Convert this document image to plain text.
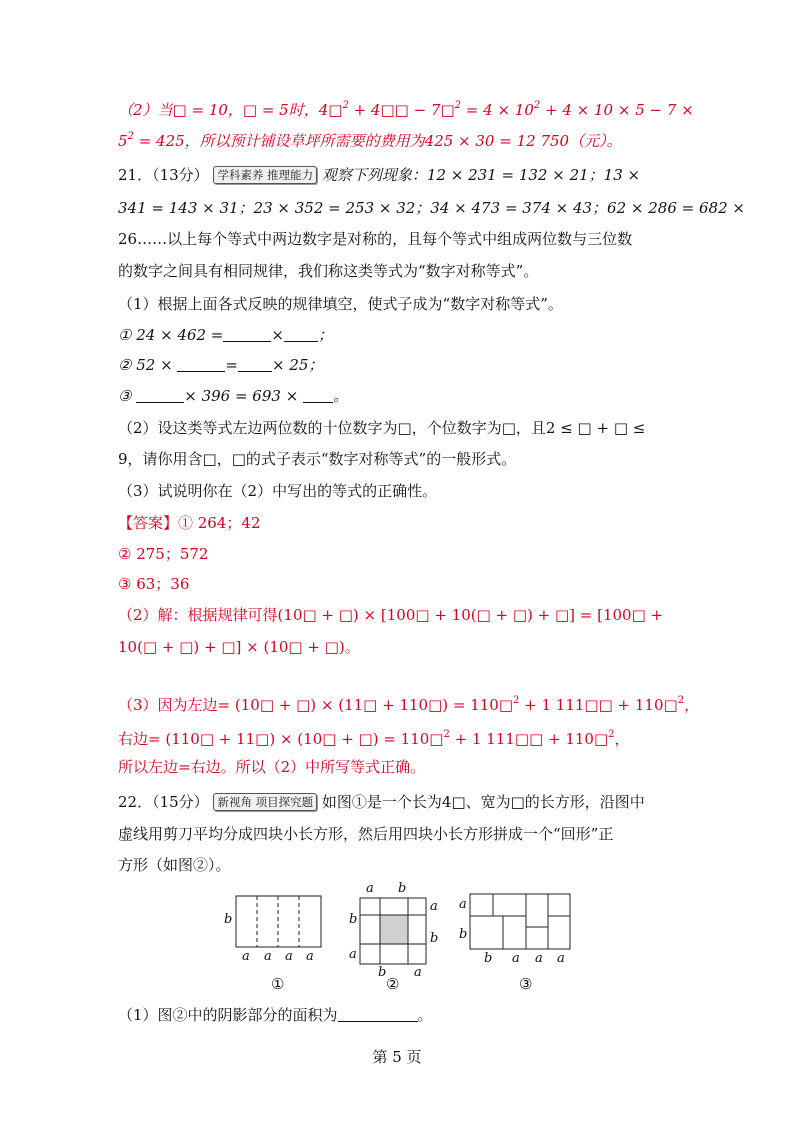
（2）当□ = 10，□ = 5时，4□$^2$ + 4□□ − 7□$^2$ = $4 \times 10^2 + 4 \times 10 \times 5 - 7$ ×
$5^2 = 425$，所以预计铺设草坪所需要的费用为425 × 30 = 12 750（元）。
21．（13分） 学科素养 推理能力 观察下列现象：12 × 231 = 132 × 21；13 ×
341 = 143 × 31；23 × 352 = 253 × 32；34 × 473 = 374 × 43；62 × 286 = 682 ×
26……以上每个等式中两边数字是对称的，且每个等式中组成两位数与三位数
的数字之间具有相同规律，我们称这类等式为“数字对称等式”。
（1）根据上面各式反映的规律填空，使式子成为“数字对称等式”。
① 24 × 462 =	× ；
② 52 ×	= × 25；
③	× 396 = 693 × 。
（2）设这类等式左边两位数的十位数字为□，个位数字为□，且2 ≤ □ + □ ≤
9，请你用含□，□的式子表示“数字对称等式”的一般形式。
（3）试说明你在（2）中写出的等式的正确性。
【答案】① 264；42
② 275；572
③ 63；36
（2）解：根据规律可得(10□ + □) × [100□ + 10(□ + □) + □] = [100□ +
10(□ + □) + □] × (10□ + □)。
（3）因为左边= (10□ + □) × (11□ + 110□) = 110□$^2$ + 1 111□□ + 110□$^2$，
右边= (110□ + 11□) × (10□ + □) = 110□$^2$ + 1 111□□ + 110□$^2$，
所以左边=右边。所以（2）中所写等式正确。
22．（15分） 新视角 项目探究题 如图①是一个长为4□、宽为□的长方形，沿图中
虚线用剪刀平均分成四块小长方形，然后用四块小长方形拼成一个“回形”正
方形（如图②）。
b
a a a a
①
a b
a
b
b
a
b a
②
a
b
b a a a
③
（1）图②中的阴影部分的面积为	。
第 5 页
